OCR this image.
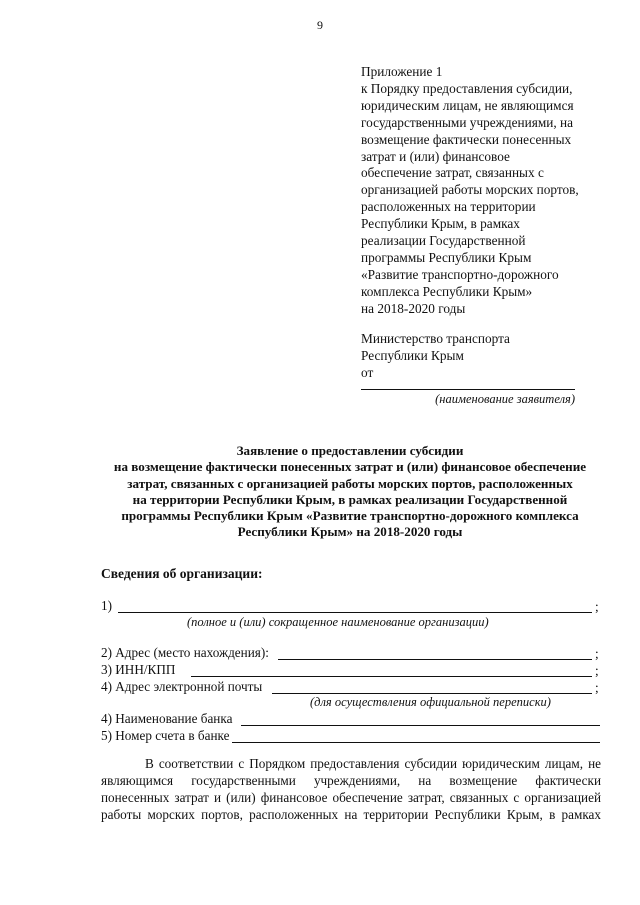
9
Приложение 1
к Порядку предоставления субсидии,
юридическим лицам, не являющимся
государственными учреждениями, на
возмещение фактически понесенных
затрат и (или) финансовое
обеспечение затрат, связанных с
организацией работы морских портов,
расположенных на территории
Республики Крым, в рамках
реализации Государственной
программы Республики Крым
«Развитие транспортно-дорожного
комплекса Республики Крым»
на 2018-2020 годы
Министерство транспорта
Республики Крым
от
(наименование заявителя)
Заявление о предоставлении субсидии
на возмещение фактически понесенных затрат и (или) финансовое обеспечение
затрат, связанных с организацией работы морских портов, расположенных
на территории Республики Крым, в рамках реализации Государственной
программы Республики Крым «Развитие транспортно-дорожного комплекса
Республики Крым» на 2018-2020 годы
Сведения об организации:
1)	;
(полное и (или) сокращенное наименование организации)
2) Адрес (место нахождения):	;
3) ИНН/КПП	;
4) Адрес электронной почты	;
(для осуществления официальной переписки)
4) Наименование банка
5) Номер счета в банке
В соответствии с Порядком предоставления субсидии юридическим лицам, не
являющимся государственными учреждениями, на возмещение фактически
понесенных затрат и (или) финансовое обеспечение затрат, связанных с организацией
работы морских портов, расположенных на территории Республики Крым, в рамках
